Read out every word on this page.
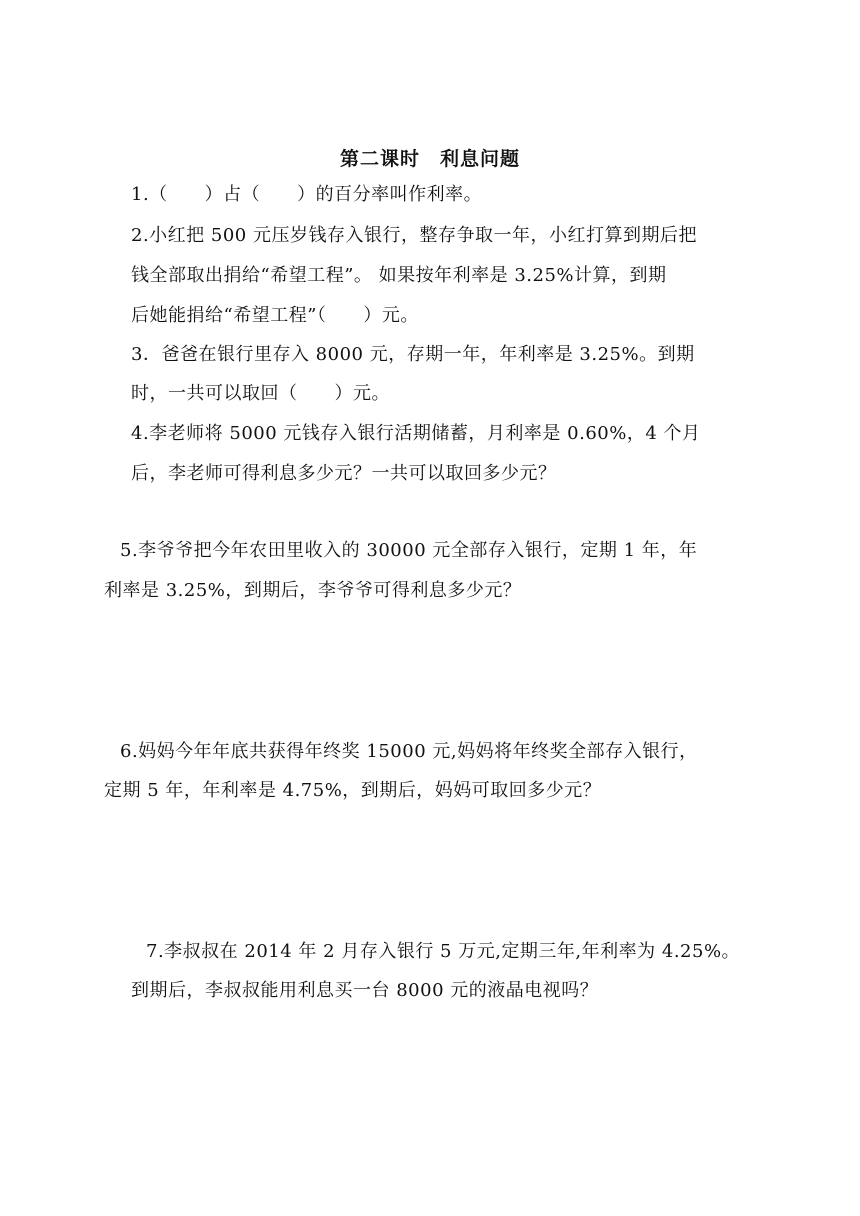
第二课时　利息问题
1.（　　）占（　　）的百分率叫作利率。
2.小红把 500 元压岁钱存入银行，整存争取一年，小红打算到期后把
钱全部取出捐给“希望工程”。 如果按年利率是 3.25%计算，到期
后她能捐给“希望工程”（　　）元。
3．爸爸在银行里存入 8000 元，存期一年，年利率是 3.25%。到期
时，一共可以取回（　　）元。
4.李老师将 5000 元钱存入银行活期储蓄，月利率是 0.60%，4 个月
后，李老师可得利息多少元？一共可以取回多少元？
5.李爷爷把今年农田里收入的 30000 元全部存入银行，定期 1 年，年
利率是 3.25%，到期后，李爷爷可得利息多少元？
6.妈妈今年年底共获得年终奖 15000 元,妈妈将年终奖全部存入银行，
定期 5 年，年利率是 4.75%，到期后，妈妈可取回多少元？
7.李叔叔在 2014 年 2 月存入银行 5 万元,定期三年,年利率为 4.25%。
到期后，李叔叔能用利息买一台 8000 元的液晶电视吗？
